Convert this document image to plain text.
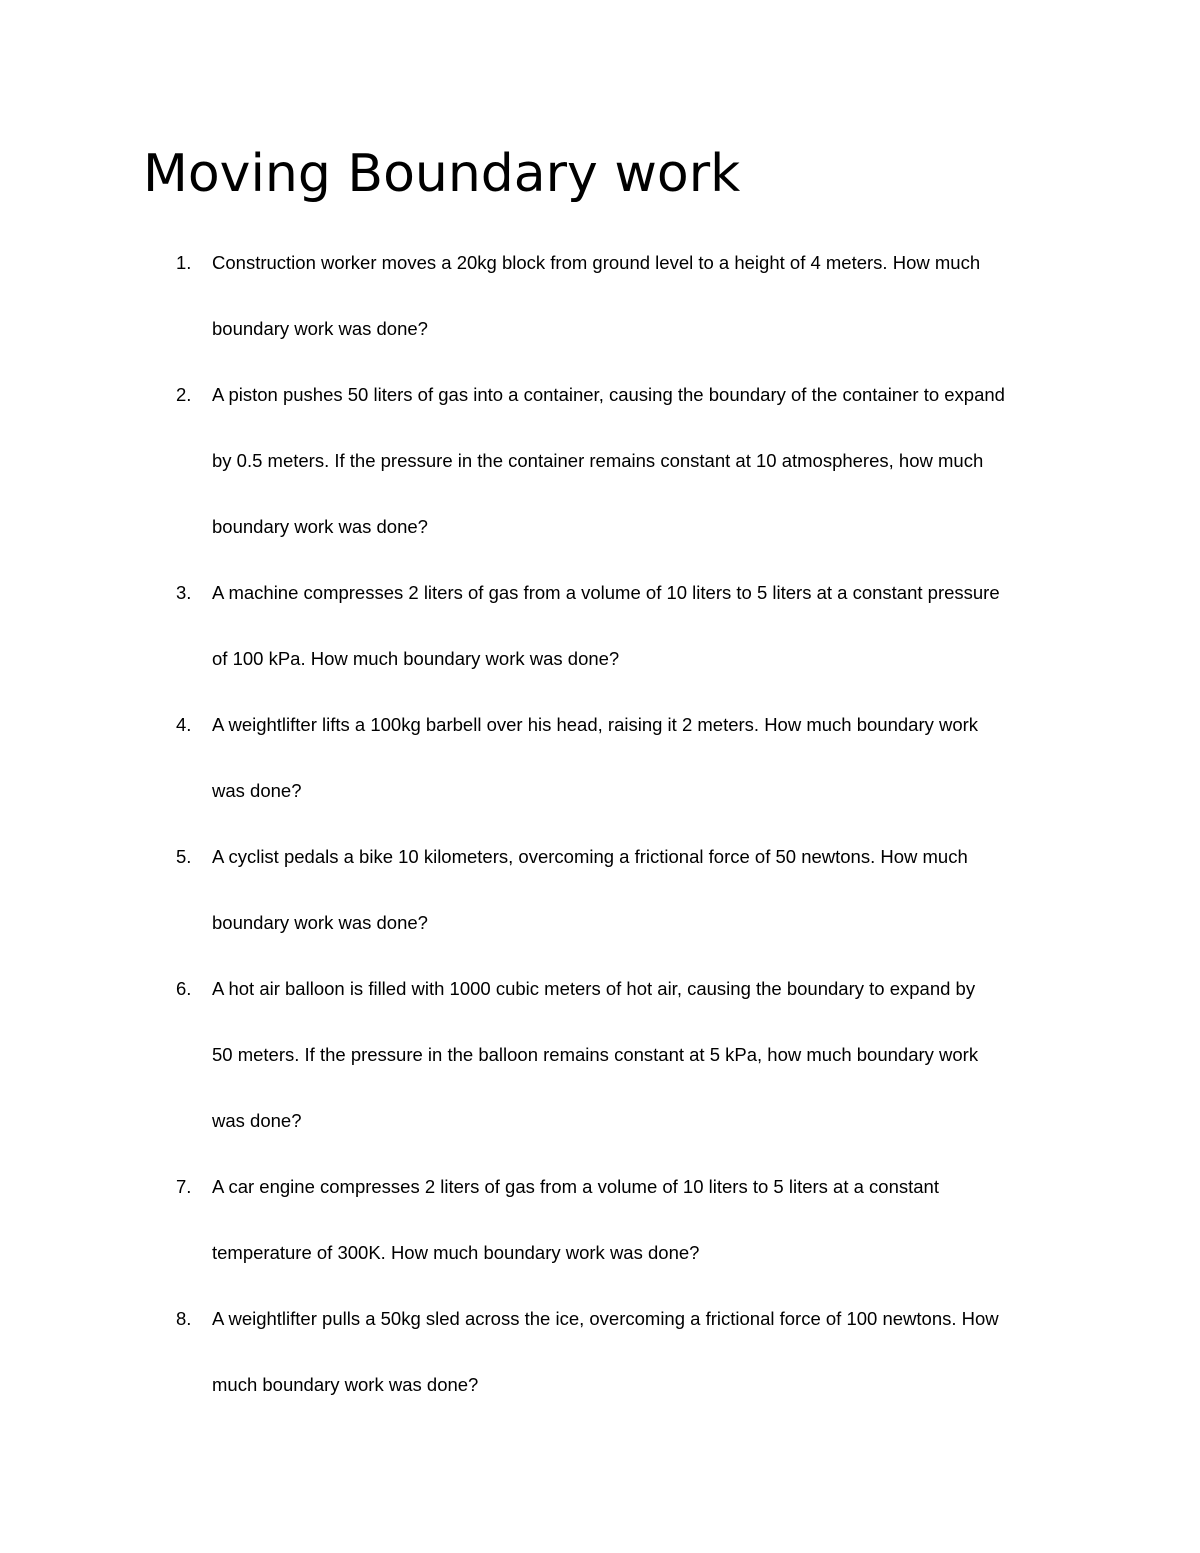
Moving Boundary work
1. Construction worker moves a 20kg block from ground level to a height of 4 meters. How much
boundary work was done?
2. A piston pushes 50 liters of gas into a container, causing the boundary of the container to expand
by 0.5 meters. If the pressure in the container remains constant at 10 atmospheres, how much
boundary work was done?
3. A machine compresses 2 liters of gas from a volume of 10 liters to 5 liters at a constant pressure
of 100 kPa. How much boundary work was done?
4. A weightlifter lifts a 100kg barbell over his head, raising it 2 meters. How much boundary work
was done?
5. A cyclist pedals a bike 10 kilometers, overcoming a frictional force of 50 newtons. How much
boundary work was done?
6. A hot air balloon is filled with 1000 cubic meters of hot air, causing the boundary to expand by
50 meters. If the pressure in the balloon remains constant at 5 kPa, how much boundary work
was done?
7. A car engine compresses 2 liters of gas from a volume of 10 liters to 5 liters at a constant
temperature of 300K. How much boundary work was done?
8. A weightlifter pulls a 50kg sled across the ice, overcoming a frictional force of 100 newtons. How
much boundary work was done?
